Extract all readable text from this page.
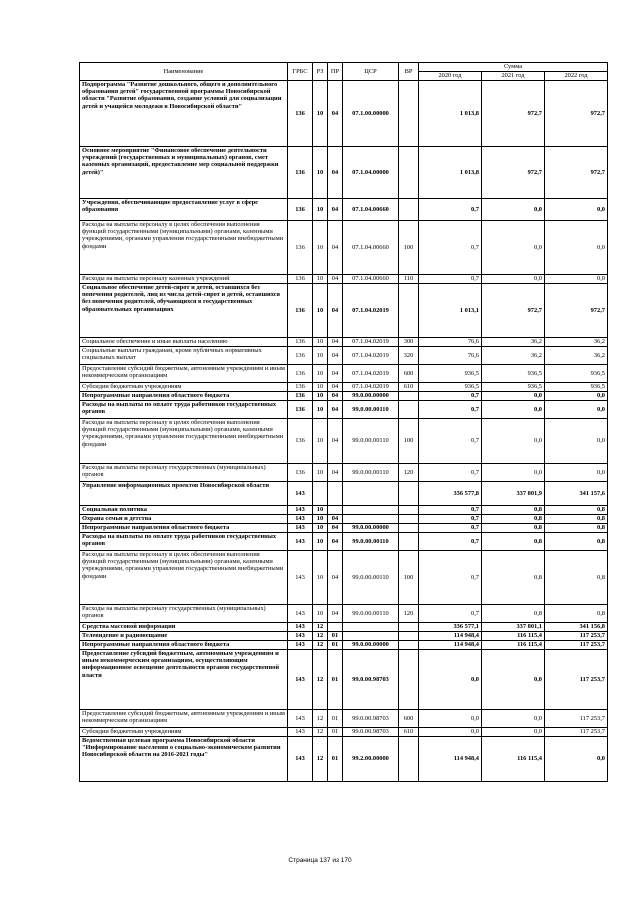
Наименование	ГРБС	РЗ	ПР	ЦСР	ВР	Сумма		
						2020 год	2021 год	2022 год
Подпрограмма "Развитие дошкольного, общего и дополнительного образования детей" государственной программы Новосибирской области "Развитие образования, создание условий для социализации детей и учащейся молодежи в Новосибирской области"	136	10	04	07.1.00.00000		1 013,8	972,7	972,7
Основное мероприятие "Финансовое обеспечение деятельности учреждений (государственных и муниципальных) органов, смет казенных организаций, предоставление мер социальной поддержки детей)"	136	10	04	07.1.04.00000		1 013,8	972,7	972,7
Учреждения, обеспечивающие предоставление услуг в сфере образования	136	10	04	07.1.04.00660		0,7	0,0	0,0
Расходы на выплаты персоналу в целях обеспечения выполнения функций государственными (муниципальными) органами, казенными учреждениями, органами управления государственными внебюджетными фондами	136	10	04	07.1.04.00660	100	0,7	0,0	0,0
Расходы на выплаты персоналу казенных учреждений	136	10	04	07.1.04.00660	110	0,7	0,0	0,0
Социальное обеспечение детей-сирот и детей, оставшихся без попечения родителей, лиц из числа детей-сирот и детей, оставшихся без попечения родителей, обучающихся в государственных образовательных организациях	136	10	04	07.1.04.02019		1 013,1	972,7	972,7
Социальное обеспечение и иные выплаты населению	136	10	04	07.1.04.02019	300	76,6	36,2	36,2
Социальные выплаты гражданам, кроме публичных нормативных социальных выплат	136	10	04	07.1.04.02019	320	76,6	36,2	36,2
Предоставление субсидий бюджетным, автономным учреждениям и иным некоммерческим организациям	136	10	04	07.1.04.02019	600	936,5	936,5	936,5
Субсидии бюджетным учреждениям	136	10	04	07.1.04.02019	610	936,5	936,5	936,5
Непрограммные направления областного бюджета	136	10	04	99.0.00.00000		0,7	0,0	0,0
Расходы на выплаты по оплате труда работников государственных органов	136	10	04	99.0.00.00110		0,7	0,0	0,0
Расходы на выплаты персоналу в целях обеспечения выполнения функций государственными (муниципальными) органами, казенными учреждениями, органами управления государственными внебюджетными фондами	136	10	04	99.0.00.00110	100	0,7	0,0	0,0
Расходы на выплаты персоналу государственных (муниципальных) органов	136	10	04	99.0.00.00110	120	0,7	0,0	0,0
Управление информационных проектов Новосибирской области	143					336 577,8	337 801,9	341 157,6
Социальная политика	143	10				0,7	0,8	0,8
Охрана семьи и детства	143	10	04			0,7	0,8	0,8
Непрограммные направления областного бюджета	143	10	04	99.0.00.00000		0,7	0,8	0,8
Расходы на выплаты по оплате труда работников государственных органов	143	10	04	99.0.00.00110		0,7	0,8	0,8
Расходы на выплаты персоналу в целях обеспечения выполнения функций государственными (муниципальными) органами, казенными учреждениями, органами управления государственными внебюджетными фондами	143	10	04	99.0.00.00110	100	0,7	0,8	0,8
Расходы на выплаты персоналу государственных (муниципальных) органов	143	10	04	99.0.00.00110	120	0,7	0,8	0,8
Средства массовой информации	143	12				336 577,1	337 801,1	341 156,8
Телевидение и радиовещание	143	12	01			114 948,4	116 115,4	117 253,7
Непрограммные направления областного бюджета	143	12	01	99.0.00.00000		114 948,4	116 115,4	117 253,7
Предоставление субсидий бюджетным, автономным учреждениям и иным некоммерческим организациям, осуществляющим информационное освещение деятельности органов государственной власти	143	12	01	99.0.00.98703		0,0	0,0	117 253,7
Предоставление субсидий бюджетным, автономным учреждениям и иным некоммерческим организациям	143	12	01	99.0.00.98703	600	0,0	0,0	117 253,7
Субсидии бюджетным учреждениям	143	12	01	99.0.00.98703	610	0,0	0,0	117 253,7
Ведомственная целевая программа Новосибирской области "Информирование населения о социально-экономическом развитии Новосибирской области на 2016-2021 годы"	143	12	01	99.2.00.00000		114 948,4	116 115,4	0,0
Страница 137 из 170
